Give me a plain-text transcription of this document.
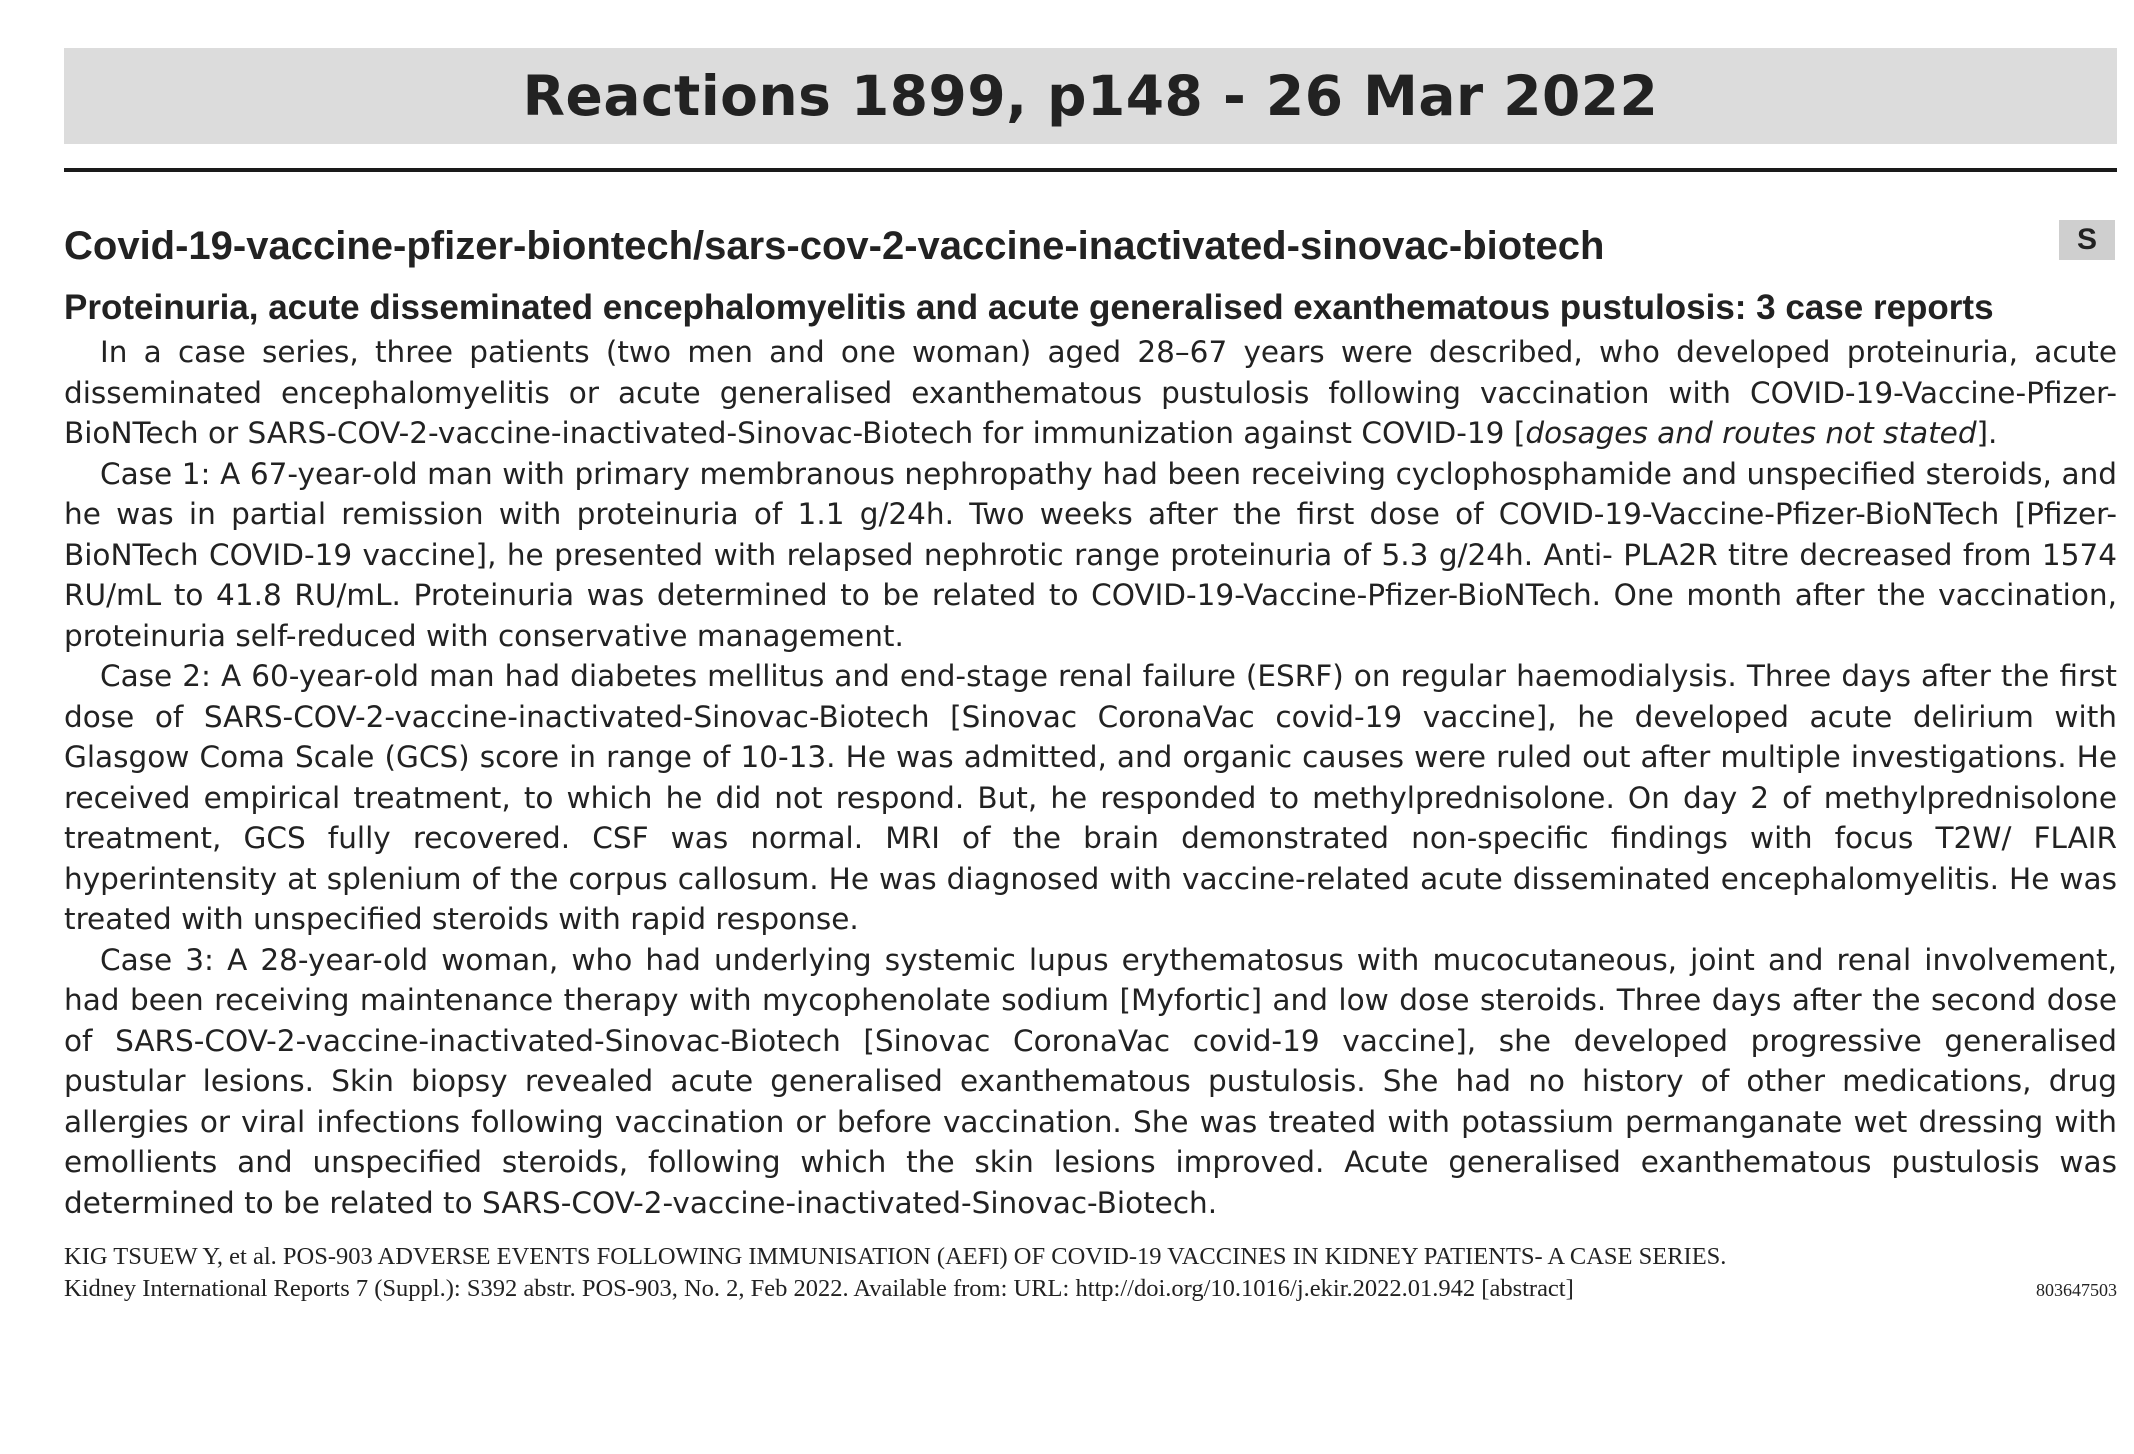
Reactions 1899, p148 - 26 Mar 2022
Covid-19-vaccine-pfizer-biontech/sars-cov-2-vaccine-inactivated-sinovac-biotech	S
Proteinuria, acute disseminated encephalomyelitis and acute generalised exanthematous pustulosis: 3 case reports

In a case series, three patients (two men and one woman) aged 28–67 years were described, who developed proteinuria, acute disseminated encephalomyelitis or acute generalised exanthematous pustulosis following vaccination with COVID-19-Vaccine-Pfizer-BioNTech or SARS-COV-2-vaccine-inactivated-Sinovac-Biotech for immunization against COVID-19 [dosages and routes not stated].

Case 1: A 67-year-old man with primary membranous nephropathy had been receiving cyclophosphamide and unspecified steroids, and he was in partial remission with proteinuria of 1.1 g/24h. Two weeks after the first dose of COVID-19-Vaccine-Pfizer-BioNTech [Pfizer-BioNTech COVID-19 vaccine], he presented with relapsed nephrotic range proteinuria of 5.3 g/24h. Anti- PLA2R titre decreased from 1574 RU/mL to 41.8 RU/mL. Proteinuria was determined to be related to COVID-19-Vaccine-Pfizer-BioNTech. One month after the vaccination, proteinuria self-reduced with conservative management.

Case 2: A 60-year-old man had diabetes mellitus and end-stage renal failure (ESRF) on regular haemodialysis. Three days after the first dose of SARS-COV-2-vaccine-inactivated-Sinovac-Biotech [Sinovac CoronaVac covid-19 vaccine], he developed acute delirium with Glasgow Coma Scale (GCS) score in range of 10-13. He was admitted, and organic causes were ruled out after multiple investigations. He received empirical treatment, to which he did not respond. But, he responded to methylprednisolone. On day 2 of methylprednisolone treatment, GCS fully recovered. CSF was normal. MRI of the brain demonstrated non-specific findings with focus T2W/ FLAIR hyperintensity at splenium of the corpus callosum. He was diagnosed with vaccine-related acute disseminated encephalomyelitis. He was treated with unspecified steroids with rapid response.

Case 3: A 28-year-old woman, who had underlying systemic lupus erythematosus with mucocutaneous, joint and renal involvement, had been receiving maintenance therapy with mycophenolate sodium [Myfortic] and low dose steroids. Three days after the second dose of SARS-COV-2-vaccine-inactivated-Sinovac-Biotech [Sinovac CoronaVac covid-19 vaccine], she developed progressive generalised pustular lesions. Skin biopsy revealed acute generalised exanthematous pustulosis. She had no history of other medications, drug allergies or viral infections following vaccination or before vaccination. She was treated with potassium permanganate wet dressing with emollients and unspecified steroids, following which the skin lesions improved. Acute generalised exanthematous pustulosis was determined to be related to SARS-COV-2-vaccine-inactivated-Sinovac-Biotech.

KIG TSUEW Y, et al. POS-903 ADVERSE EVENTS FOLLOWING IMMUNISATION (AEFI) OF COVID-19 VACCINES IN KIDNEY PATIENTS- A CASE SERIES.
Kidney International Reports 7 (Suppl.): S392 abstr. POS-903, No. 2, Feb 2022. Available from: URL: http://doi.org/10.1016/j.ekir.2022.01.942 [abstract]	803647503
